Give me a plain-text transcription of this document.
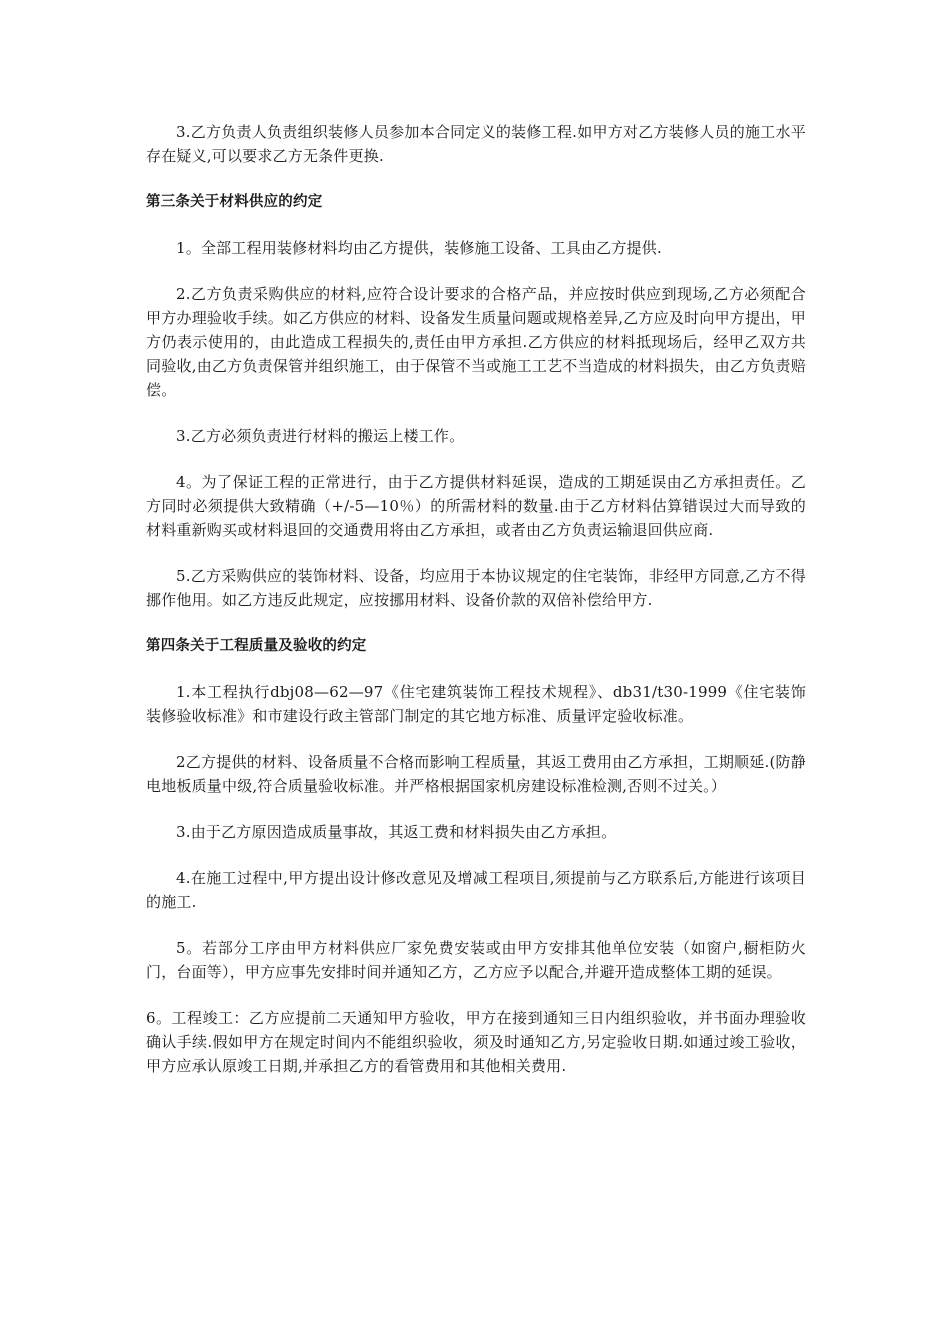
3.乙方负责人负责组织装修人员参加本合同定义的装修工程.如甲方对乙方装修人员的施工水平存在疑义,可以要求乙方无条件更换.

第三条关于材料供应的约定

1。全部工程用装修材料均由乙方提供，装修施工设备、工具由乙方提供.

2.乙方负责采购供应的材料,应符合设计要求的合格产品，并应按时供应到现场,乙方必须配合甲方办理验收手续。如乙方供应的材料、设备发生质量问题或规格差异,乙方应及时向甲方提出，甲方仍表示使用的，由此造成工程损失的,责任由甲方承担.乙方供应的材料抵现场后，经甲乙双方共同验收,由乙方负责保管并组织施工，由于保管不当或施工工艺不当造成的材料损失，由乙方负责赔偿。

3.乙方必须负责进行材料的搬运上楼工作。

4。为了保证工程的正常进行，由于乙方提供材料延误，造成的工期延误由乙方承担责任。乙方同时必须提供大致精确（+/-5—10％）的所需材料的数量.由于乙方材料估算错误过大而导致的材料重新购买或材料退回的交通费用将由乙方承担，或者由乙方负责运输退回供应商.

5.乙方采购供应的装饰材料、设备，均应用于本协议规定的住宅装饰，非经甲方同意,乙方不得挪作他用。如乙方违反此规定，应按挪用材料、设备价款的双倍补偿给甲方.

第四条关于工程质量及验收的约定

1.本工程执行dbj08—62—97《住宅建筑装饰工程技术规程》、db31/t30-1999《住宅装饰装修验收标准》和市建设行政主管部门制定的其它地方标准、质量评定验收标准。

2乙方提供的材料、设备质量不合格而影响工程质量，其返工费用由乙方承担，工期顺延.(防静电地板质量中级,符合质量验收标准。并严格根据国家机房建设标准检测,否则不过关。）

3.由于乙方原因造成质量事故，其返工费和材料损失由乙方承担。

4.在施工过程中,甲方提出设计修改意见及增减工程项目,须提前与乙方联系后,方能进行该项目的施工.

5。若部分工序由甲方材料供应厂家免费安装或由甲方安排其他单位安装（如窗户,橱柜防火门，台面等），甲方应事先安排时间并通知乙方，乙方应予以配合,并避开造成整体工期的延误。

6。工程竣工：乙方应提前二天通知甲方验收，甲方在接到通知三日内组织验收，并书面办理验收确认手续.假如甲方在规定时间内不能组织验收，须及时通知乙方,另定验收日期.如通过竣工验收，甲方应承认原竣工日期,并承担乙方的看管费用和其他相关费用.
